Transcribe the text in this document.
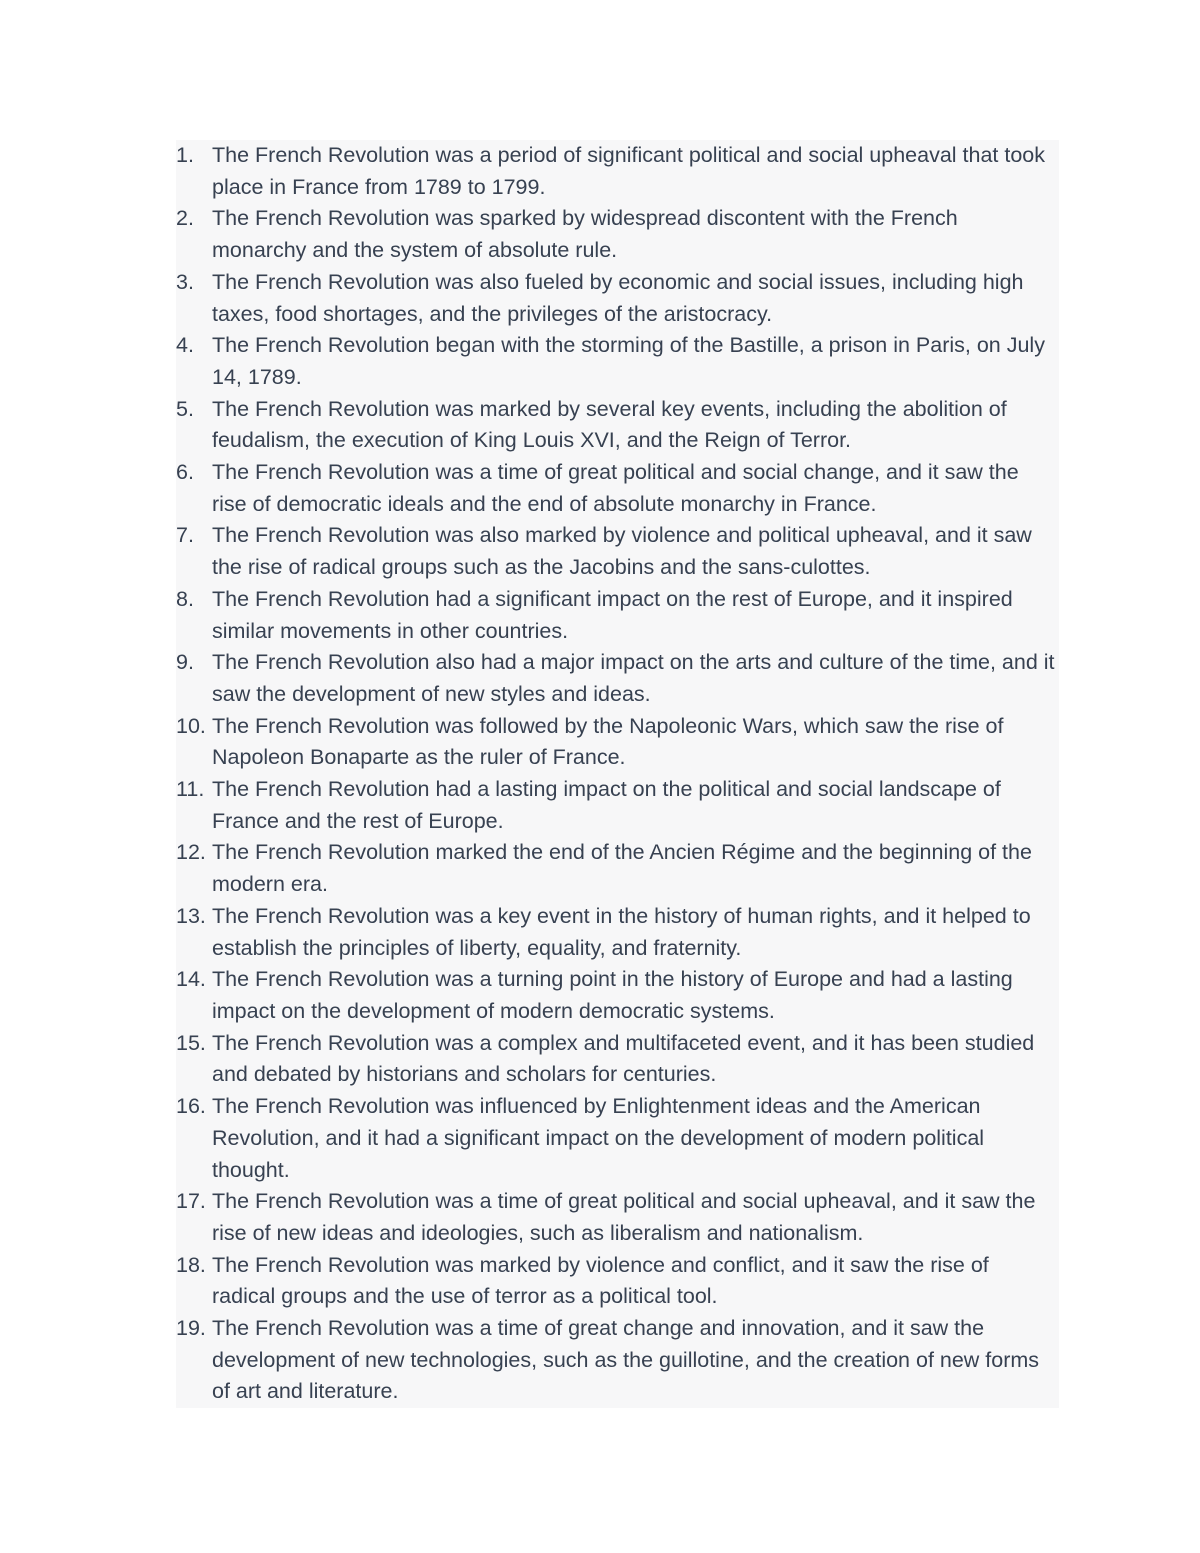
1. The French Revolution was a period of significant political and social upheaval that took place in France from 1789 to 1799.
2. The French Revolution was sparked by widespread discontent with the French monarchy and the system of absolute rule.
3. The French Revolution was also fueled by economic and social issues, including high taxes, food shortages, and the privileges of the aristocracy.
4. The French Revolution began with the storming of the Bastille, a prison in Paris, on July 14, 1789.
5. The French Revolution was marked by several key events, including the abolition of feudalism, the execution of King Louis XVI, and the Reign of Terror.
6. The French Revolution was a time of great political and social change, and it saw the rise of democratic ideals and the end of absolute monarchy in France.
7. The French Revolution was also marked by violence and political upheaval, and it saw the rise of radical groups such as the Jacobins and the sans-culottes.
8. The French Revolution had a significant impact on the rest of Europe, and it inspired similar movements in other countries.
9. The French Revolution also had a major impact on the arts and culture of the time, and it saw the development of new styles and ideas.
10. The French Revolution was followed by the Napoleonic Wars, which saw the rise of Napoleon Bonaparte as the ruler of France.
11. The French Revolution had a lasting impact on the political and social landscape of France and the rest of Europe.
12. The French Revolution marked the end of the Ancien Régime and the beginning of the modern era.
13. The French Revolution was a key event in the history of human rights, and it helped to establish the principles of liberty, equality, and fraternity.
14. The French Revolution was a turning point in the history of Europe and had a lasting impact on the development of modern democratic systems.
15. The French Revolution was a complex and multifaceted event, and it has been studied and debated by historians and scholars for centuries.
16. The French Revolution was influenced by Enlightenment ideas and the American Revolution, and it had a significant impact on the development of modern political thought.
17. The French Revolution was a time of great political and social upheaval, and it saw the rise of new ideas and ideologies, such as liberalism and nationalism.
18. The French Revolution was marked by violence and conflict, and it saw the rise of radical groups and the use of terror as a political tool.
19. The French Revolution was a time of great change and innovation, and it saw the development of new technologies, such as the guillotine, and the creation of new forms of art and literature.
